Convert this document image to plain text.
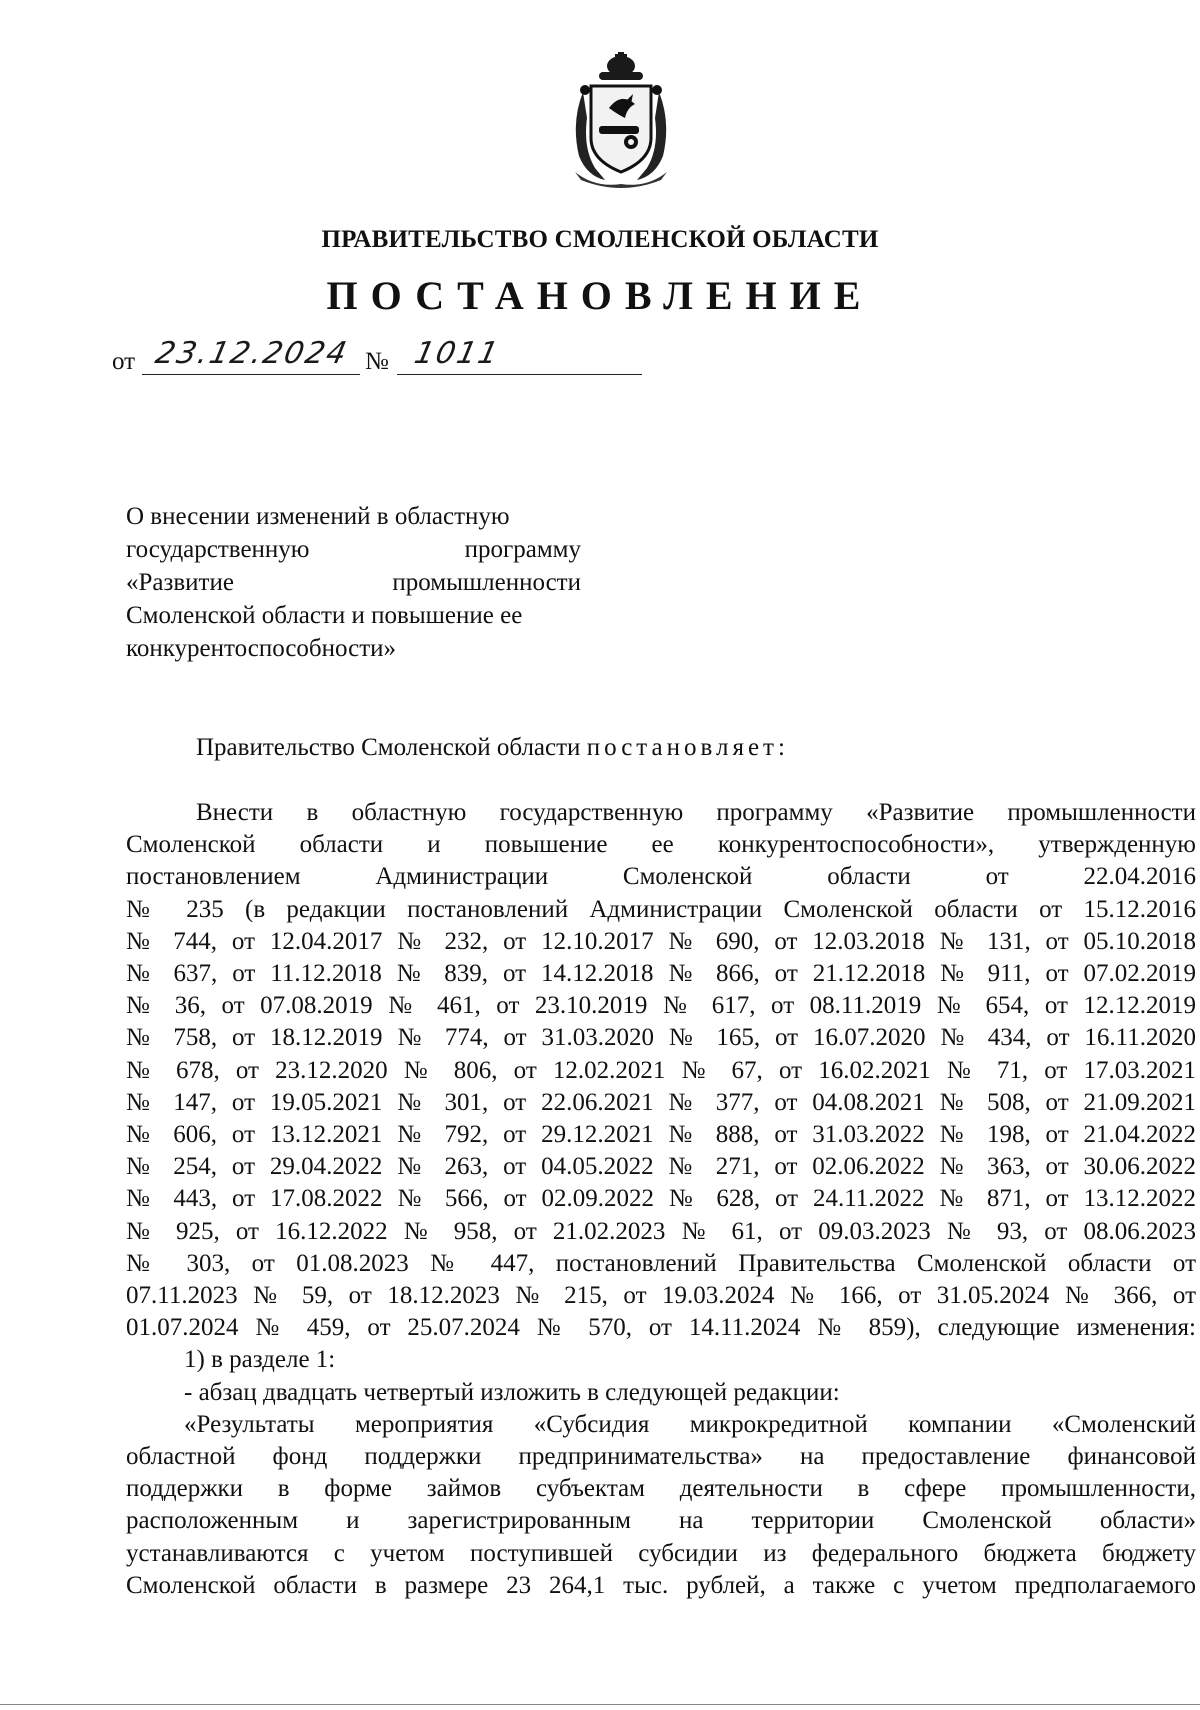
ПРАВИТЕЛЬСТВО СМОЛЕНСКОЙ ОБЛАСТИ
ПОСТАНОВЛЕНИЕ
от 23.12.2024 № 1011
О внесении изменений в областную
государственную программу
«Развитие промышленности
Смоленской области и повышение ее
конкурентоспособности»
Правительство Смоленской области постановляет:
Внести в областную государственную программу «Развитие промышленности
Смоленской области и повышение ее конкурентоспособности», утвержденную
постановлением Администрации Смоленской области от 22.04.2016
№ 235 (в редакции постановлений Администрации Смоленской области от 15.12.2016
№ 744, от 12.04.2017 № 232, от 12.10.2017 № 690, от 12.03.2018 № 131, от 05.10.2018
№ 637, от 11.12.2018 № 839, от 14.12.2018 № 866, от 21.12.2018 № 911, от 07.02.2019
№ 36, от 07.08.2019 № 461, от 23.10.2019 № 617, от 08.11.2019 № 654, от 12.12.2019
№ 758, от 18.12.2019 № 774, от 31.03.2020 № 165, от 16.07.2020 № 434, от 16.11.2020
№ 678, от 23.12.2020 № 806, от 12.02.2021 № 67, от 16.02.2021 № 71, от 17.03.2021
№ 147, от 19.05.2021 № 301, от 22.06.2021 № 377, от 04.08.2021 № 508, от 21.09.2021
№ 606, от 13.12.2021 № 792, от 29.12.2021 № 888, от 31.03.2022 № 198, от 21.04.2022
№ 254, от 29.04.2022 № 263, от 04.05.2022 № 271, от 02.06.2022 № 363, от 30.06.2022
№ 443, от 17.08.2022 № 566, от 02.09.2022 № 628, от 24.11.2022 № 871, от 13.12.2022
№ 925, от 16.12.2022 № 958, от 21.02.2023 № 61, от 09.03.2023 № 93, от 08.06.2023
№ 303, от 01.08.2023 № 447, постановлений Правительства Смоленской области от
07.11.2023 № 59, от 18.12.2023 № 215, от 19.03.2024 № 166, от 31.05.2024 № 366, от
01.07.2024 № 459, от 25.07.2024 № 570, от 14.11.2024 № 859), следующие изменения:
1) в разделе 1:
- абзац двадцать четвертый изложить в следующей редакции:
«Результаты мероприятия «Субсидия микрокредитной компании «Смоленский
областной фонд поддержки предпринимательства» на предоставление финансовой
поддержки в форме займов субъектам деятельности в сфере промышленности,
расположенным и зарегистрированным на территории Смоленской области»
устанавливаются с учетом поступившей субсидии из федерального бюджета бюджету
Смоленской области в размере 23 264,1 тыс. рублей, а также с учетом предполагаемого
